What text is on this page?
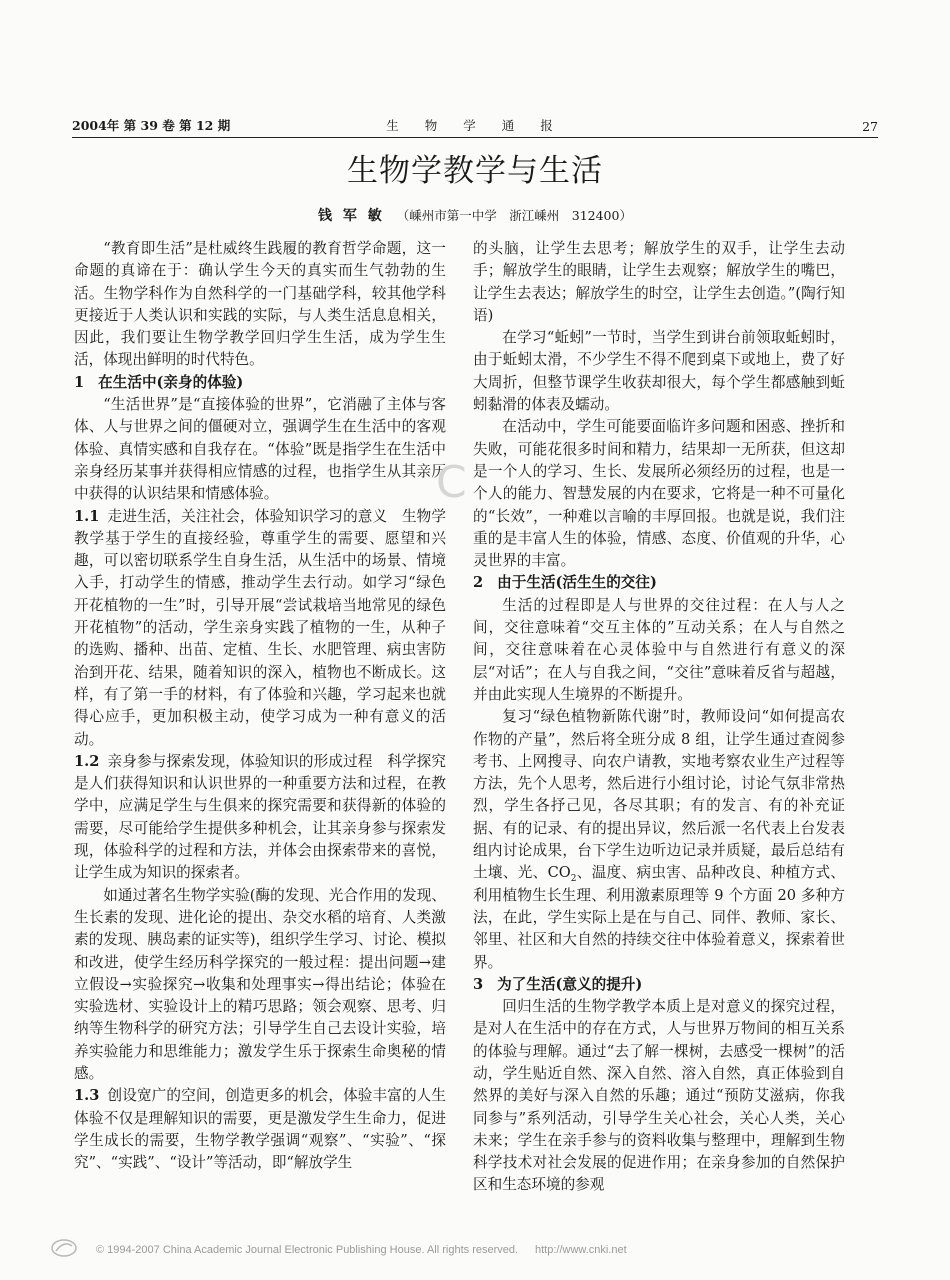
2004年 第 39 卷 第 12 期	生 物 学 通 报	27
生物学教学与生活
钱 军 敏 （嵊州市第一中学　浙江嵊州　312400）

“教育即生活”是杜威终生践履的教育哲学命题，这一命题的真谛在于：确认学生今天的真实而生气勃勃的生活。生物学科作为自然科学的一门基础学科，较其他学科更接近于人类认识和实践的实际，与人类生活息息相关，因此，我们要让生物学教学回归学生生活，成为学生生活，体现出鲜明的时代特色。

1 在生活中(亲身的体验)

“生活世界”是“直接体验的世界”，它消融了主体与客体、人与世界之间的僵硬对立，强调学生在生活中的客观体验、真情实感和自我存在。“体验”既是指学生在生活中亲身经历某事并获得相应情感的过程，也指学生从其亲历中获得的认识结果和情感体验。

1.1 走进生活，关注社会，体验知识学习的意义　生物学教学基于学生的直接经验，尊重学生的需要、愿望和兴趣，可以密切联系学生自身生活，从生活中的场景、情境入手，打动学生的情感，推动学生去行动。如学习“绿色开花植物的一生”时，引导开展“尝试栽培当地常见的绿色开花植物”的活动，学生亲身实践了植物的一生，从种子的选购、播种、出苗、定植、生长、水肥管理、病虫害防治到开花、结果，随着知识的深入，植物也不断成长。这样，有了第一手的材料，有了体验和兴趣，学习起来也就得心应手，更加积极主动，使学习成为一种有意义的活动。

1.2 亲身参与探索发现，体验知识的形成过程　科学探究是人们获得知识和认识世界的一种重要方法和过程，在教学中，应满足学生与生俱来的探究需要和获得新的体验的需要，尽可能给学生提供多种机会，让其亲身参与探索发现，体验科学的过程和方法，并体会由探索带来的喜悦，让学生成为知识的探索者。

如通过著名生物学实验(酶的发现、光合作用的发现、生长素的发现、进化论的提出、杂交水稻的培育、人类激素的发现、胰岛素的证实等)，组织学生学习、讨论、模拟和改进，使学生经历科学探究的一般过程：提出问题→建立假设→实验探究→收集和处理事实→得出结论；体验在实验选材、实验设计上的精巧思路；领会观察、思考、归纳等生物科学的研究方法；引导学生自己去设计实验，培养实验能力和思维能力；激发学生乐于探索生命奥秘的情感。

1.3 创设宽广的空间，创造更多的机会，体验丰富的人生　体验不仅是理解知识的需要，更是激发学生生命力，促进学生成长的需要，生物学教学强调“观察”、“实验”、“探究”、“实践”、“设计”等活动，即“解放学生

的头脑，让学生去思考；解放学生的双手，让学生去动手；解放学生的眼睛，让学生去观察；解放学生的嘴巴，让学生去表达；解放学生的时空，让学生去创造。”(陶行知语)

在学习“蚯蚓”一节时，当学生到讲台前领取蚯蚓时，由于蚯蚓太滑，不少学生不得不爬到桌下或地上，费了好大周折，但整节课学生收获却很大，每个学生都感触到蚯蚓黏滑的体表及蠕动。

在活动中，学生可能要面临许多问题和困惑、挫折和失败，可能花很多时间和精力，结果却一无所获，但这却是一个人的学习、生长、发展所必须经历的过程，也是一个人的能力、智慧发展的内在要求，它将是一种不可量化的“长效”，一种难以言喻的丰厚回报。也就是说，我们注重的是丰富人生的体验，情感、态度、价值观的升华，心灵世界的丰富。

2 由于生活(活生生的交往)

生活的过程即是人与世界的交往过程：在人与人之间，交往意味着“交互主体的”互动关系；在人与自然之间，交往意味着在心灵体验中与自然进行有意义的深层“对话”；在人与自我之间，“交往”意味着反省与超越，并由此实现人生境界的不断提升。

复习“绿色植物新陈代谢”时，教师设问“如何提高农作物的产量”，然后将全班分成 8 组，让学生通过查阅参考书、上网搜寻、向农户请教，实地考察农业生产过程等方法，先个人思考，然后进行小组讨论，讨论气氛非常热烈，学生各抒己见，各尽其职；有的发言、有的补充证据、有的记录、有的提出异议，然后派一名代表上台发表组内讨论成果，台下学生边听边记录并质疑，最后总结有土壤、光、$CO_2$、温度、病虫害、品种改良、种植方式、利用植物生长生理、利用激素原理等 9 个方面 20 多种方法，在此，学生实际上是在与自己、同伴、教师、家长、邻里、社区和大自然的持续交往中体验着意义，探索着世界。

3 为了生活(意义的提升)

回归生活的生物学教学本质上是对意义的探究过程，是对人在生活中的存在方式，人与世界万物间的相互关系的体验与理解。通过“去了解一棵树，去感受一棵树”的活动，学生贴近自然、深入自然、溶入自然，真正体验到自然界的美好与深入自然的乐趣；通过“预防艾滋病，你我同参与”系列活动，引导学生关心社会，关心人类，关心未来；学生在亲手参与的资料收集与整理中，理解到生物科学技术对社会发展的促进作用；在亲身参加的自然保护区和生态环境的参观

C
© 1994-2007 China Academic Journal Electronic Publishing House. All rights reserved. http://www.cnki.net
